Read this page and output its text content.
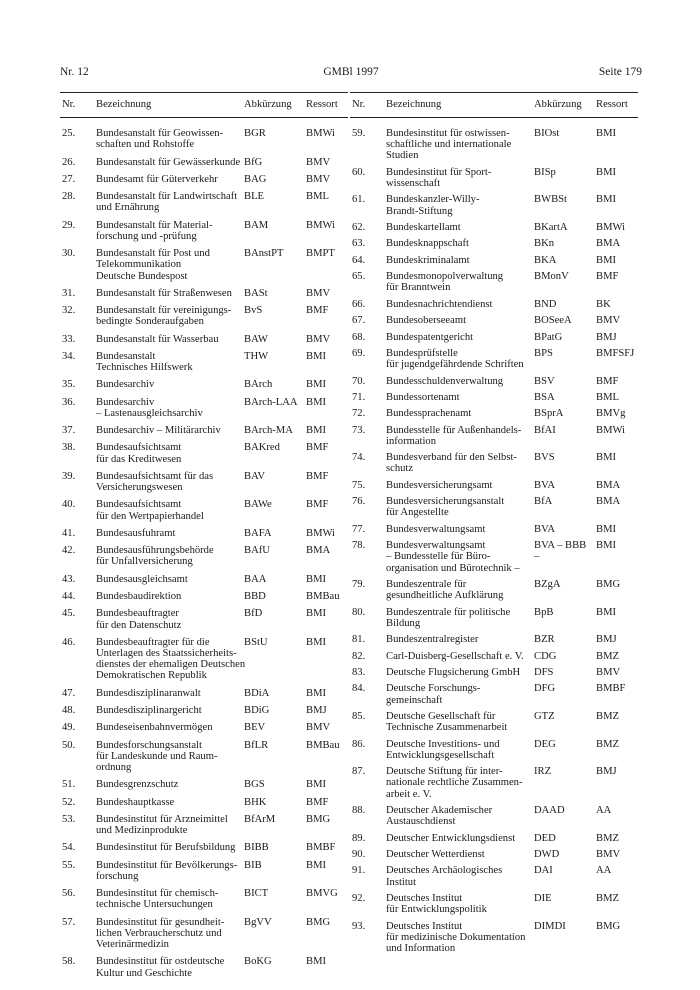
Nr. 12	GMBl 1997	Seite 179
Nr. Bezeichnung	Abkürzung Ressort
25. Bundesanstalt für Geowissen-
schaften und Rohstoffe
BGR	BMWi
26. Bundesanstalt für Gewässerkunde BfG	BMV
27. Bundesamt für Güterverkehr	BAG	BMV
28. Bundesanstalt für Landwirtschaft
und Ernährung
BLE	BML
29. Bundesanstalt für Material-
forschung und -prüfung
BAM	BMWi
30. Bundesanstalt für Post und
Telekommunikation
Deutsche Bundespost
BAnstPT	BMPT
31. Bundesanstalt für Straßenwesen	BASt	BMV
32. Bundesanstalt für vereinigungs-
bedingte Sonderaufgaben
BvS	BMF
33. Bundesanstalt für Wasserbau	BAW	BMV
34. Bundesanstalt
Technisches Hilfswerk
THW	BMI
35. Bundesarchiv	BArch	BMI
36. Bundesarchiv
– Lastenausgleichsarchiv
BArch-LAA BMI
37. Bundesarchiv – Militärarchiv	BArch-MA	BMI
38. Bundesaufsichtsamt
für das Kreditwesen
BAKred	BMF
39. Bundesaufsichtsamt für das
Versicherungswesen
BAV	BMF
40. Bundesaufsichtsamt
für den Wertpapierhandel
BAWe	BMF
41. Bundesausfuhramt	BAFA	BMWi
42. Bundesausführungsbehörde
für Unfallversicherung
BAfU	BMA
43. Bundesausgleichsamt	BAA	BMI
44. Bundesbaudirektion	BBD	BMBau
45. Bundesbeauftragter
für den Datenschutz
BfD	BMI
46. Bundesbeauftragter für die
Unterlagen des Staatssicherheits-
dienstes der ehemaligen Deutschen
Demokratischen Republik
BStU	BMI
47. Bundesdisziplinaranwalt	BDiA	BMI
48. Bundesdisziplinargericht	BDiG	BMJ
49. Bundeseisenbahnvermögen	BEV	BMV
50. Bundesforschungsanstalt
für Landeskunde und Raum-
ordnung
BfLR	BMBau
51. Bundesgrenzschutz	BGS	BMI
52. Bundeshauptkasse	BHK	BMF
53. Bundesinstitut für Arzneimittel
und Medizinprodukte
BfArM	BMG
54. Bundesinstitut für Berufsbildung BIBB	BMBF
55. Bundesinstitut für Bevölkerungs-
forschung
BIB	BMI
56. Bundesinstitut für chemisch-
technische Untersuchungen
BICT	BMVG
57. Bundesinstitut für gesundheit-
lichen Verbraucherschutz und
Veterinärmedizin
BgVV	BMG
58. Bundesinstitut für ostdeutsche
Kultur und Geschichte
BoKG	BMI
Nr. Bezeichnung	Abkürzung Ressort
59. Bundesinstitut für ostwissen-
schaftliche und internationale
Studien
BIOst	BMI
60. Bundesinstitut für Sport-
wissenschaft
BISp	BMI
61. Bundeskanzler-Willy-
Brandt-Stiftung
BWBSt	BMI
62. Bundeskartellamt	BKartA	BMWi
63. Bundesknappschaft	BKn	BMA
64. Bundeskriminalamt	BKA	BMI
65. Bundesmonopolverwaltung
für Branntwein
BMonV	BMF
66. Bundesnachrichtendienst	BND	BK
67. Bundesoberseeamt	BOSeeA	BMV
68. Bundespatentgericht	BPatG	BMJ
69. Bundesprüfstelle
für jugendgefährdende Schriften
BPS	BMFSFJ
70. Bundesschuldenverwaltung	BSV	BMF
71. Bundessortenamt	BSA	BML
72. Bundessprachenamt	BSprA	BMVg
73. Bundesstelle für Außenhandels-
information
BfAI	BMWi
74. Bundesverband für den Selbst-
schutz
BVS	BMI
75. Bundesversicherungsamt	BVA	BMA
76. Bundesversicherungsanstalt
für Angestellte
BfA	BMA
77. Bundesverwaltungsamt	BVA	BMI
78. Bundesverwaltungsamt
– Bundesstelle für Büro-
organisation und Bürotechnik –
BVA – BBB –
BMI
79. Bundeszentrale für
gesundheitliche Aufklärung
BZgA	BMG
80. Bundeszentrale für politische
Bildung
BpB	BMI
81. Bundeszentralregister	BZR	BMJ
82. Carl-Duisberg-Gesellschaft e. V. CDG	BMZ
83. Deutsche Flugsicherung GmbH	DFS	BMV
84. Deutsche Forschungs-
gemeinschaft
DFG	BMBF
85. Deutsche Gesellschaft für
Technische Zusammenarbeit
GTZ	BMZ
86. Deutsche Investitions- und
Entwicklungsgesellschaft
DEG	BMZ
87. Deutsche Stiftung für inter-
nationale rechtliche Zusammen-
arbeit e. V.
IRZ	BMJ
88. Deutscher Akademischer
Austauschdienst
DAAD	AA
89. Deutscher Entwicklungsdienst	DED	BMZ
90. Deutscher Wetterdienst	DWD	BMV
91. Deutsches Archäologisches
Institut
DAI	AA
92. Deutsches Institut
für Entwicklungspolitik
DIE	BMZ
93. Deutsches Institut
für medizinische Dokumentation
und Information
DIMDI	BMG
